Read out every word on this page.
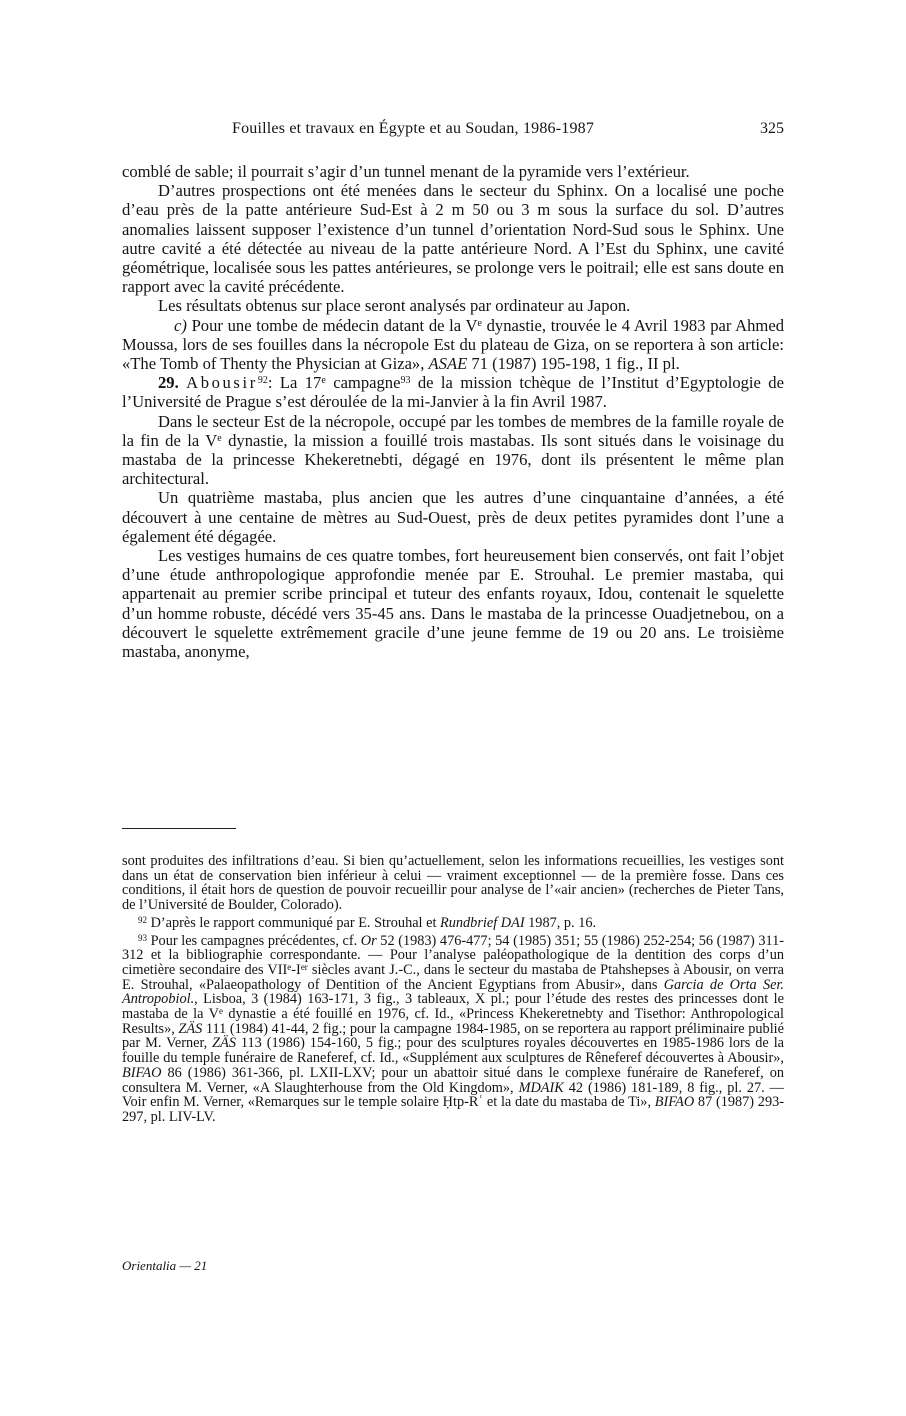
Fouilles et travaux en Égypte et au Soudan, 1986-1987	325

comblé de sable; il pourrait s’agir d’un tunnel menant de la pyramide vers l’extérieur.

D’autres prospections ont été menées dans le secteur du Sphinx. On a localisé une poche d’eau près de la patte antérieure Sud-Est à 2 m 50 ou 3 m sous la surface du sol. D’autres anomalies laissent supposer l’existence d’un tunnel d’orientation Nord-Sud sous le Sphinx. Une autre cavité a été détectée au niveau de la patte antérieure Nord. A l’Est du Sphinx, une cavité géométrique, localisée sous les pattes antérieures, se prolonge vers le poitrail; elle est sans doute en rapport avec la cavité précédente.

Les résultats obtenus sur place seront analysés par ordinateur au Japon.

c) Pour une tombe de médecin datant de la Ve dynastie, trouvée le 4 Avril 1983 par Ahmed Moussa, lors de ses fouilles dans la nécropole Est du plateau de Giza, on se reportera à son article: «The Tomb of Thenty the Physician at Giza», ASAE 71 (1987) 195-198, 1 fig., II pl.

29. Abousir$^{92}$: La 17e campagne$^{93}$ de la mission tchèque de l’Institut d’Egyptologie de l’Université de Prague s’est déroulée de la mi-Janvier à la fin Avril 1987.

Dans le secteur Est de la nécropole, occupé par les tombes de membres de la famille royale de la fin de la Ve dynastie, la mission a fouillé trois mastabas. Ils sont situés dans le voisinage du mastaba de la princesse Khekeretnebti, dégagé en 1976, dont ils présentent le même plan architectural.

Un quatrième mastaba, plus ancien que les autres d’une cinquantaine d’années, a été découvert à une centaine de mètres au Sud-Ouest, près de deux petites pyramides dont l’une a également été dégagée.

Les vestiges humains de ces quatre tombes, fort heureusement bien conservés, ont fait l’objet d’une étude anthropologique approfondie menée par E. Strouhal. Le premier mastaba, qui appartenait au premier scribe principal et tuteur des enfants royaux, Idou, contenait le squelette d’un homme robuste, décédé vers 35-45 ans. Dans le mastaba de la princesse Ouadjetnebou, on a découvert le squelette extrêmement gracile d’une jeune femme de 19 ou 20 ans. Le troisième mastaba, anonyme,

sont produites des infiltrations d’eau. Si bien qu’actuellement, selon les informations recueillies, les vestiges sont dans un état de conservation bien inférieur à celui — vraiment exceptionnel — de la première fosse. Dans ces conditions, il était hors de question de pouvoir recueillir pour analyse de l’«air ancien» (recherches de Pieter Tans, de l’Université de Boulder, Colorado).

$^{92}$ D’après le rapport communiqué par E. Strouhal et Rundbrief DAI 1987, p. 16.

$^{93}$ Pour les campagnes précédentes, cf. Or 52 (1983) 476-477; 54 (1985) 351; 55 (1986) 252-254; 56 (1987) 311-312 et la bibliographie correspondante. — Pour l’analyse paléopathologique de la dentition des corps d’un cimetière secondaire des VIIe-Ier siècles avant J.-C., dans le secteur du mastaba de Ptahshepses à Abousir, on verra E. Strouhal, «Palaeopathology of Dentition of the Ancient Egyptians from Abusir», dans Garcia de Orta Ser. Antropobiol., Lisboa, 3 (1984) 163-171, 3 fig., 3 tableaux, X pl.; pour l’étude des restes des princesses dont le mastaba de la Ve dynastie a été fouillé en 1976, cf. Id., «Princess Khekeretnebty and Tisethor: Anthropological Results», ZÄS 111 (1984) 41-44, 2 fig.; pour la campagne 1984-1985, on se reportera au rapport préliminaire publié par M. Verner, ZÄS 113 (1986) 154-160, 5 fig.; pour des sculptures royales découvertes en 1985-1986 lors de la fouille du temple funéraire de Raneferef, cf. Id., «Supplément aux sculptures de Rêneferef découvertes à Abousir», BIFAO 86 (1986) 361-366, pl. LXII-LXV; pour un abattoir situé dans le complexe funéraire de Raneferef, on consultera M. Verner, «A Slaughterhouse from the Old Kingdom», MDAIK 42 (1986) 181-189, 8 fig., pl. 27. — Voir enfin M. Verner, «Remarques sur le temple solaire Ḥtp-Rʿ et la date du mastaba de Ti», BIFAO 87 (1987) 293-297, pl. LIV-LV.

Orientalia — 21
